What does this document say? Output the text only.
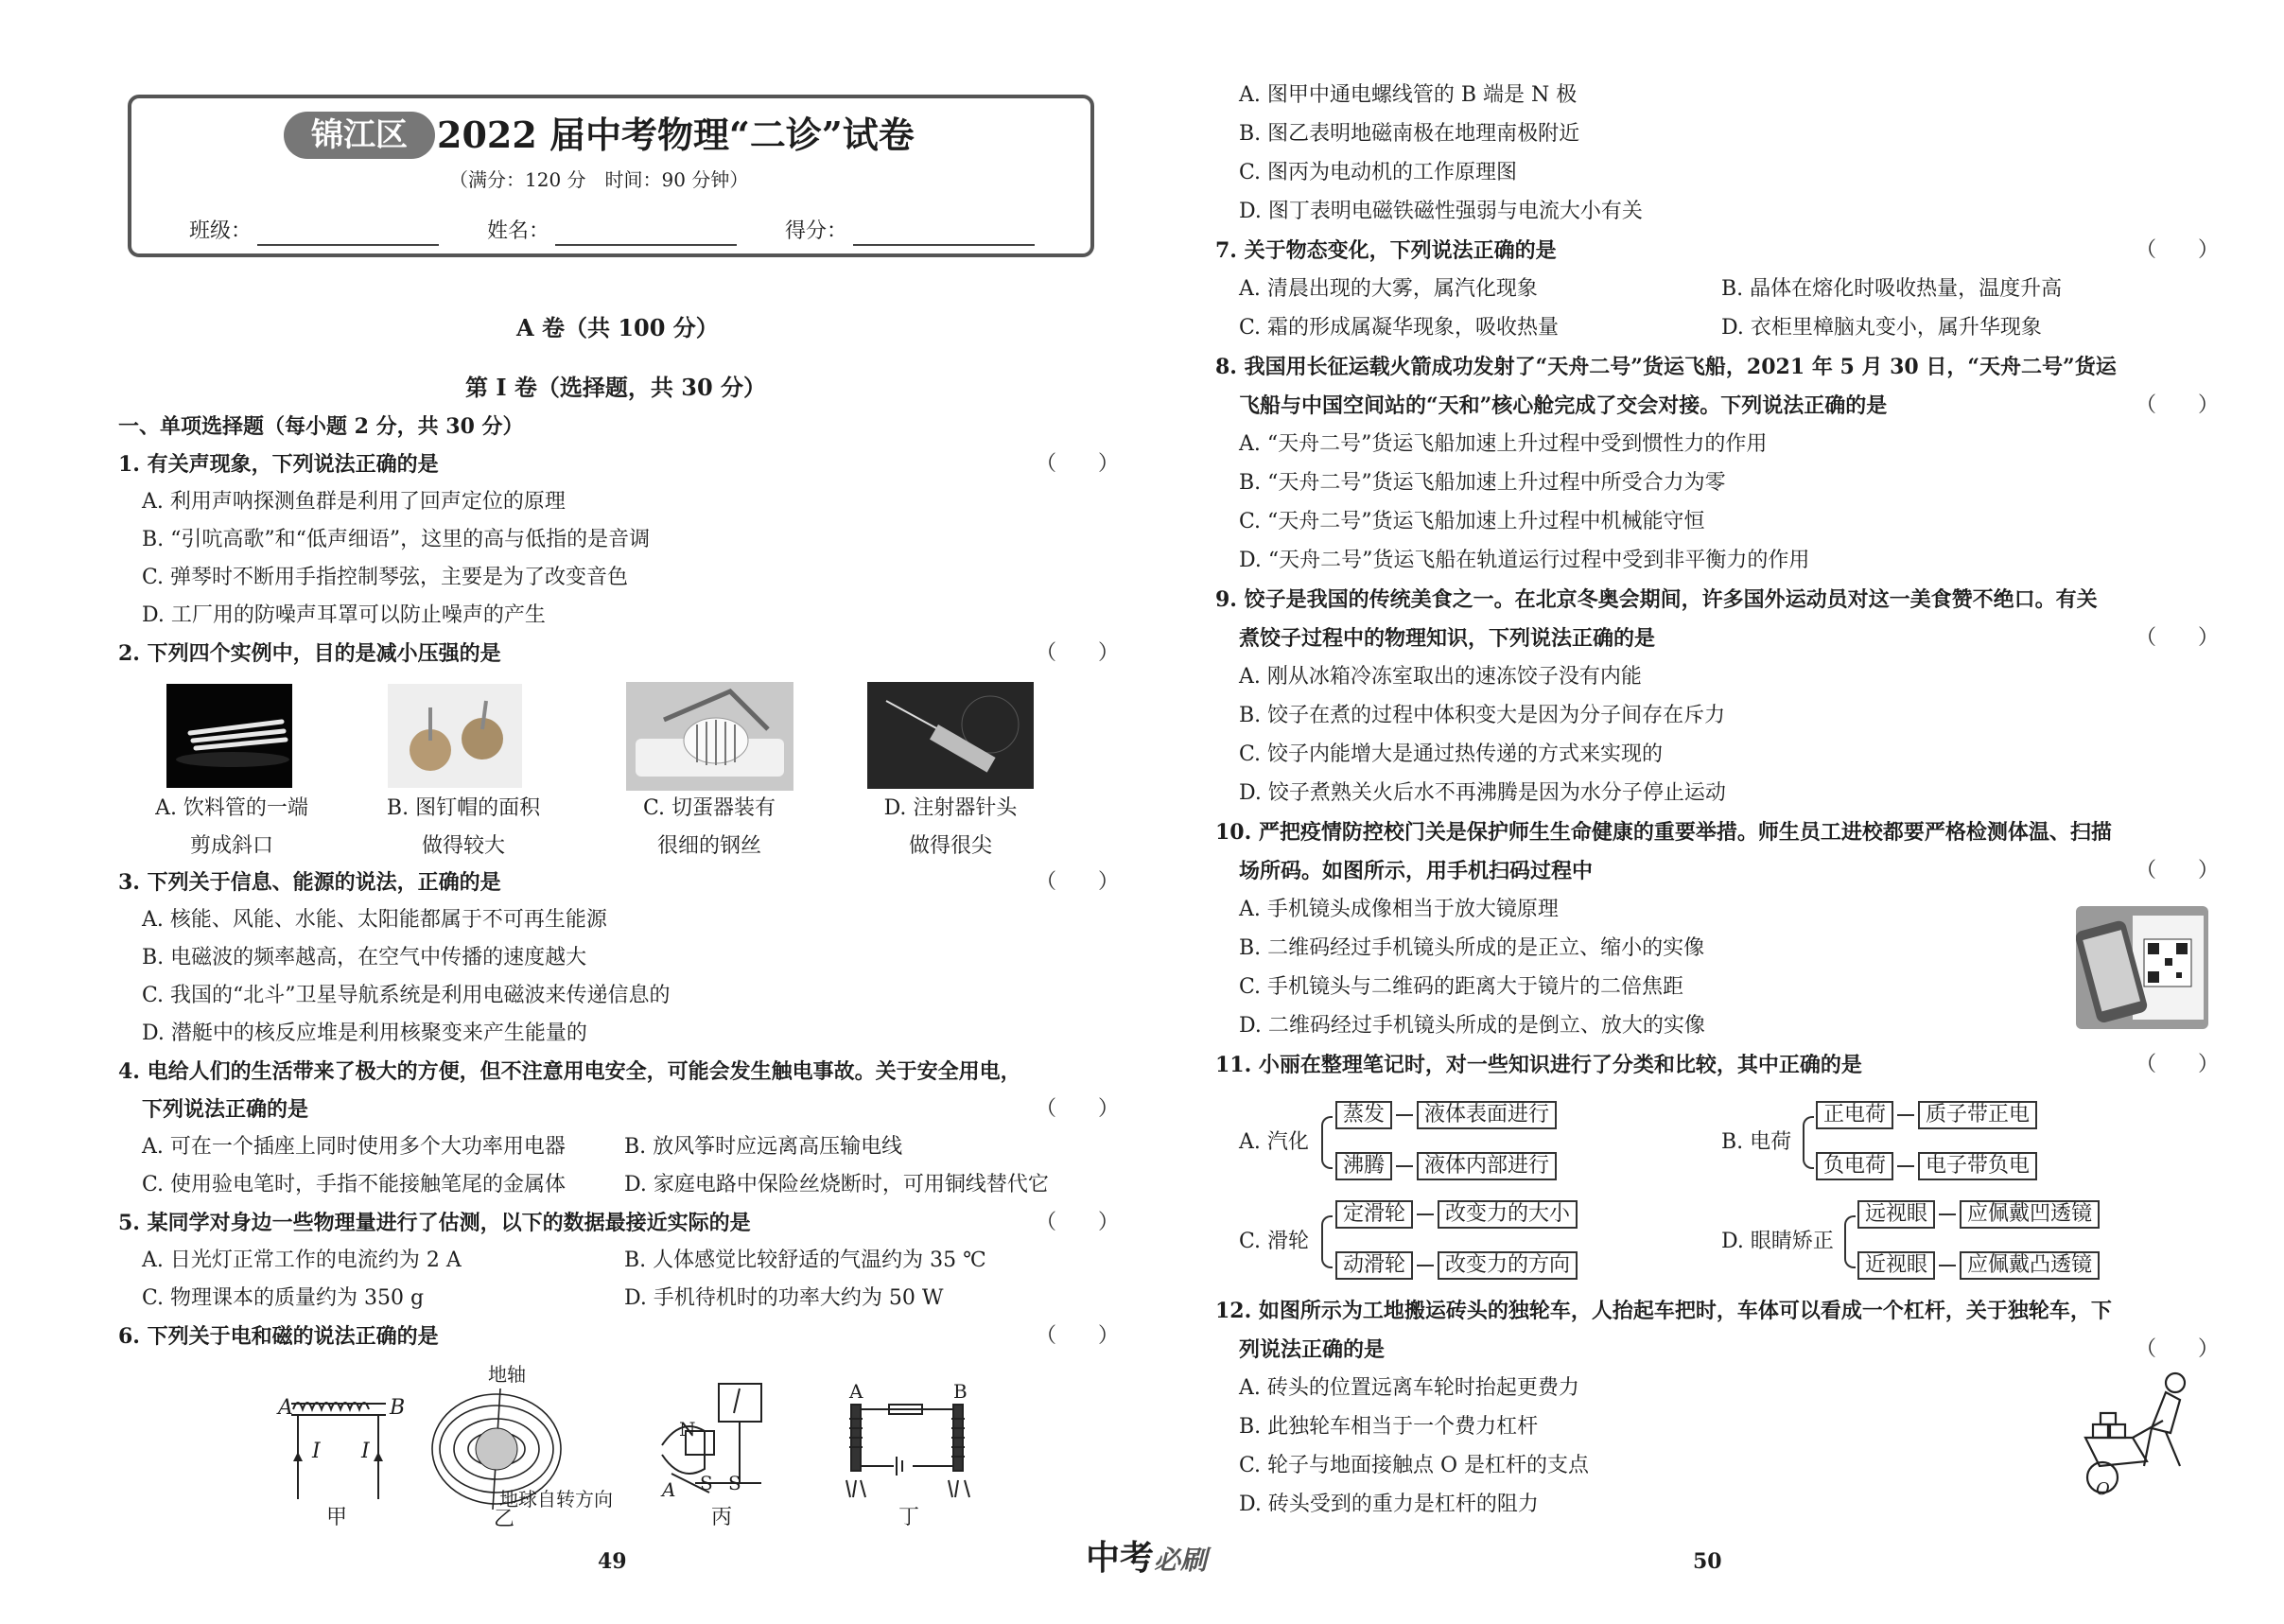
锦江区 2022 届中考物理“二诊”试卷
（满分：120 分　时间：90 分钟）
班级：	姓名：	得分：
A 卷（共 100 分）
第 Ⅰ 卷（选择题，共 30 分）
一、单项选择题（每小题 2 分，共 30 分）
1. 有关声现象，下列说法正确的是	（　　）
A. 利用声呐探测鱼群是利用了回声定位的原理
B. “引吭高歌”和“低声细语”，这里的高与低指的是音调
C. 弹琴时不断用手指控制琴弦，主要是为了改变音色
D. 工厂用的防噪声耳罩可以防止噪声的产生
2. 下列四个实例中，目的是减小压强的是	（　　）
A. 饮料管的一端
剪成斜口
B. 图钉帽的面积
做得较大
C. 切蛋器装有
很细的钢丝
D. 注射器针头
做得很尖
3. 下列关于信息、能源的说法，正确的是	（　　）
A. 核能、风能、水能、太阳能都属于不可再生能源
B. 电磁波的频率越高，在空气中传播的速度越大
C. 我国的“北斗”卫星导航系统是利用电磁波来传递信息的
D. 潜艇中的核反应堆是利用核聚变来产生能量的
4. 电给人们的生活带来了极大的方便，但不注意用电安全，可能会发生触电事故。关于安全用电，
下列说法正确的是	（　　）
A. 可在一个插座上同时使用多个大功率用电器	B. 放风筝时应远离高压输电线
C. 使用验电笔时，手指不能接触笔尾的金属体	D. 家庭电路中保险丝烧断时，可用铜线替代它
5. 某同学对身边一些物理量进行了估测，以下的数据最接近实际的是	（　　）
A. 日光灯正常工作的电流约为 2 A	B. 人体感觉比较舒适的气温约为 35 ℃
C. 物理课本的质量约为 350 g	D. 手机待机时的功率大约为 50 W
6. 下列关于电和磁的说法正确的是	（　　）
A	B
I I
甲
地轴
地球自转方向
乙
N
S S
A
丙
A	B
丁
49	中考必刷
A. 图甲中通电螺线管的 B 端是 N 极
B. 图乙表明地磁南极在地理南极附近
C. 图丙为电动机的工作原理图
D. 图丁表明电磁铁磁性强弱与电流大小有关
7. 关于物态变化，下列说法正确的是	（　　）
A. 清晨出现的大雾，属汽化现象	B. 晶体在熔化时吸收热量，温度升高
C. 霜的形成属凝华现象，吸收热量	D. 衣柜里樟脑丸变小，属升华现象
8. 我国用长征运载火箭成功发射了“天舟二号”货运飞船，2021 年 5 月 30 日，“天舟二号”货运
飞船与中国空间站的“天和”核心舱完成了交会对接。下列说法正确的是	（　　）
A. “天舟二号”货运飞船加速上升过程中受到惯性力的作用
B. “天舟二号”货运飞船加速上升过程中所受合力为零
C. “天舟二号”货运飞船加速上升过程中机械能守恒
D. “天舟二号”货运飞船在轨道运行过程中受到非平衡力的作用
9. 饺子是我国的传统美食之一。在北京冬奥会期间，许多国外运动员对这一美食赞不绝口。有关
煮饺子过程中的物理知识，下列说法正确的是	（　　）
A. 刚从冰箱冷冻室取出的速冻饺子没有内能
B. 饺子在煮的过程中体积变大是因为分子间存在斥力
C. 饺子内能增大是通过热传递的方式来实现的
D. 饺子煮熟关火后水不再沸腾是因为水分子停止运动
10. 严把疫情防控校门关是保护师生生命健康的重要举措。师生员工进校都要严格检测体温、扫描
场所码。如图所示，用手机扫码过程中	（　　）
A. 手机镜头成像相当于放大镜原理
B. 二维码经过手机镜头所成的是正立、缩小的实像
C. 手机镜头与二维码的距离大于镜片的二倍焦距
D. 二维码经过手机镜头所成的是倒立、放大的实像
11. 小丽在整理笔记时，对一些知识进行了分类和比较，其中正确的是	（　　）
A. 汽化
蒸发 液体表面进行
沸腾 液体内部进行
B. 电荷
正电荷 质子带正电
负电荷 电子带负电
C. 滑轮
定滑轮 改变力的大小
动滑轮 改变力的方向
D. 眼睛矫正
远视眼 应佩戴凹透镜
近视眼 应佩戴凸透镜
12. 如图所示为工地搬运砖头的独轮车，人抬起车把时，车体可以看成一个杠杆，关于独轮车，下
列说法正确的是	（　　）
A. 砖头的位置远离车轮时抬起更费力
B. 此独轮车相当于一个费力杠杆
C. 轮子与地面接触点 O 是杠杆的支点
D. 砖头受到的重力是杠杆的阻力
O
50
